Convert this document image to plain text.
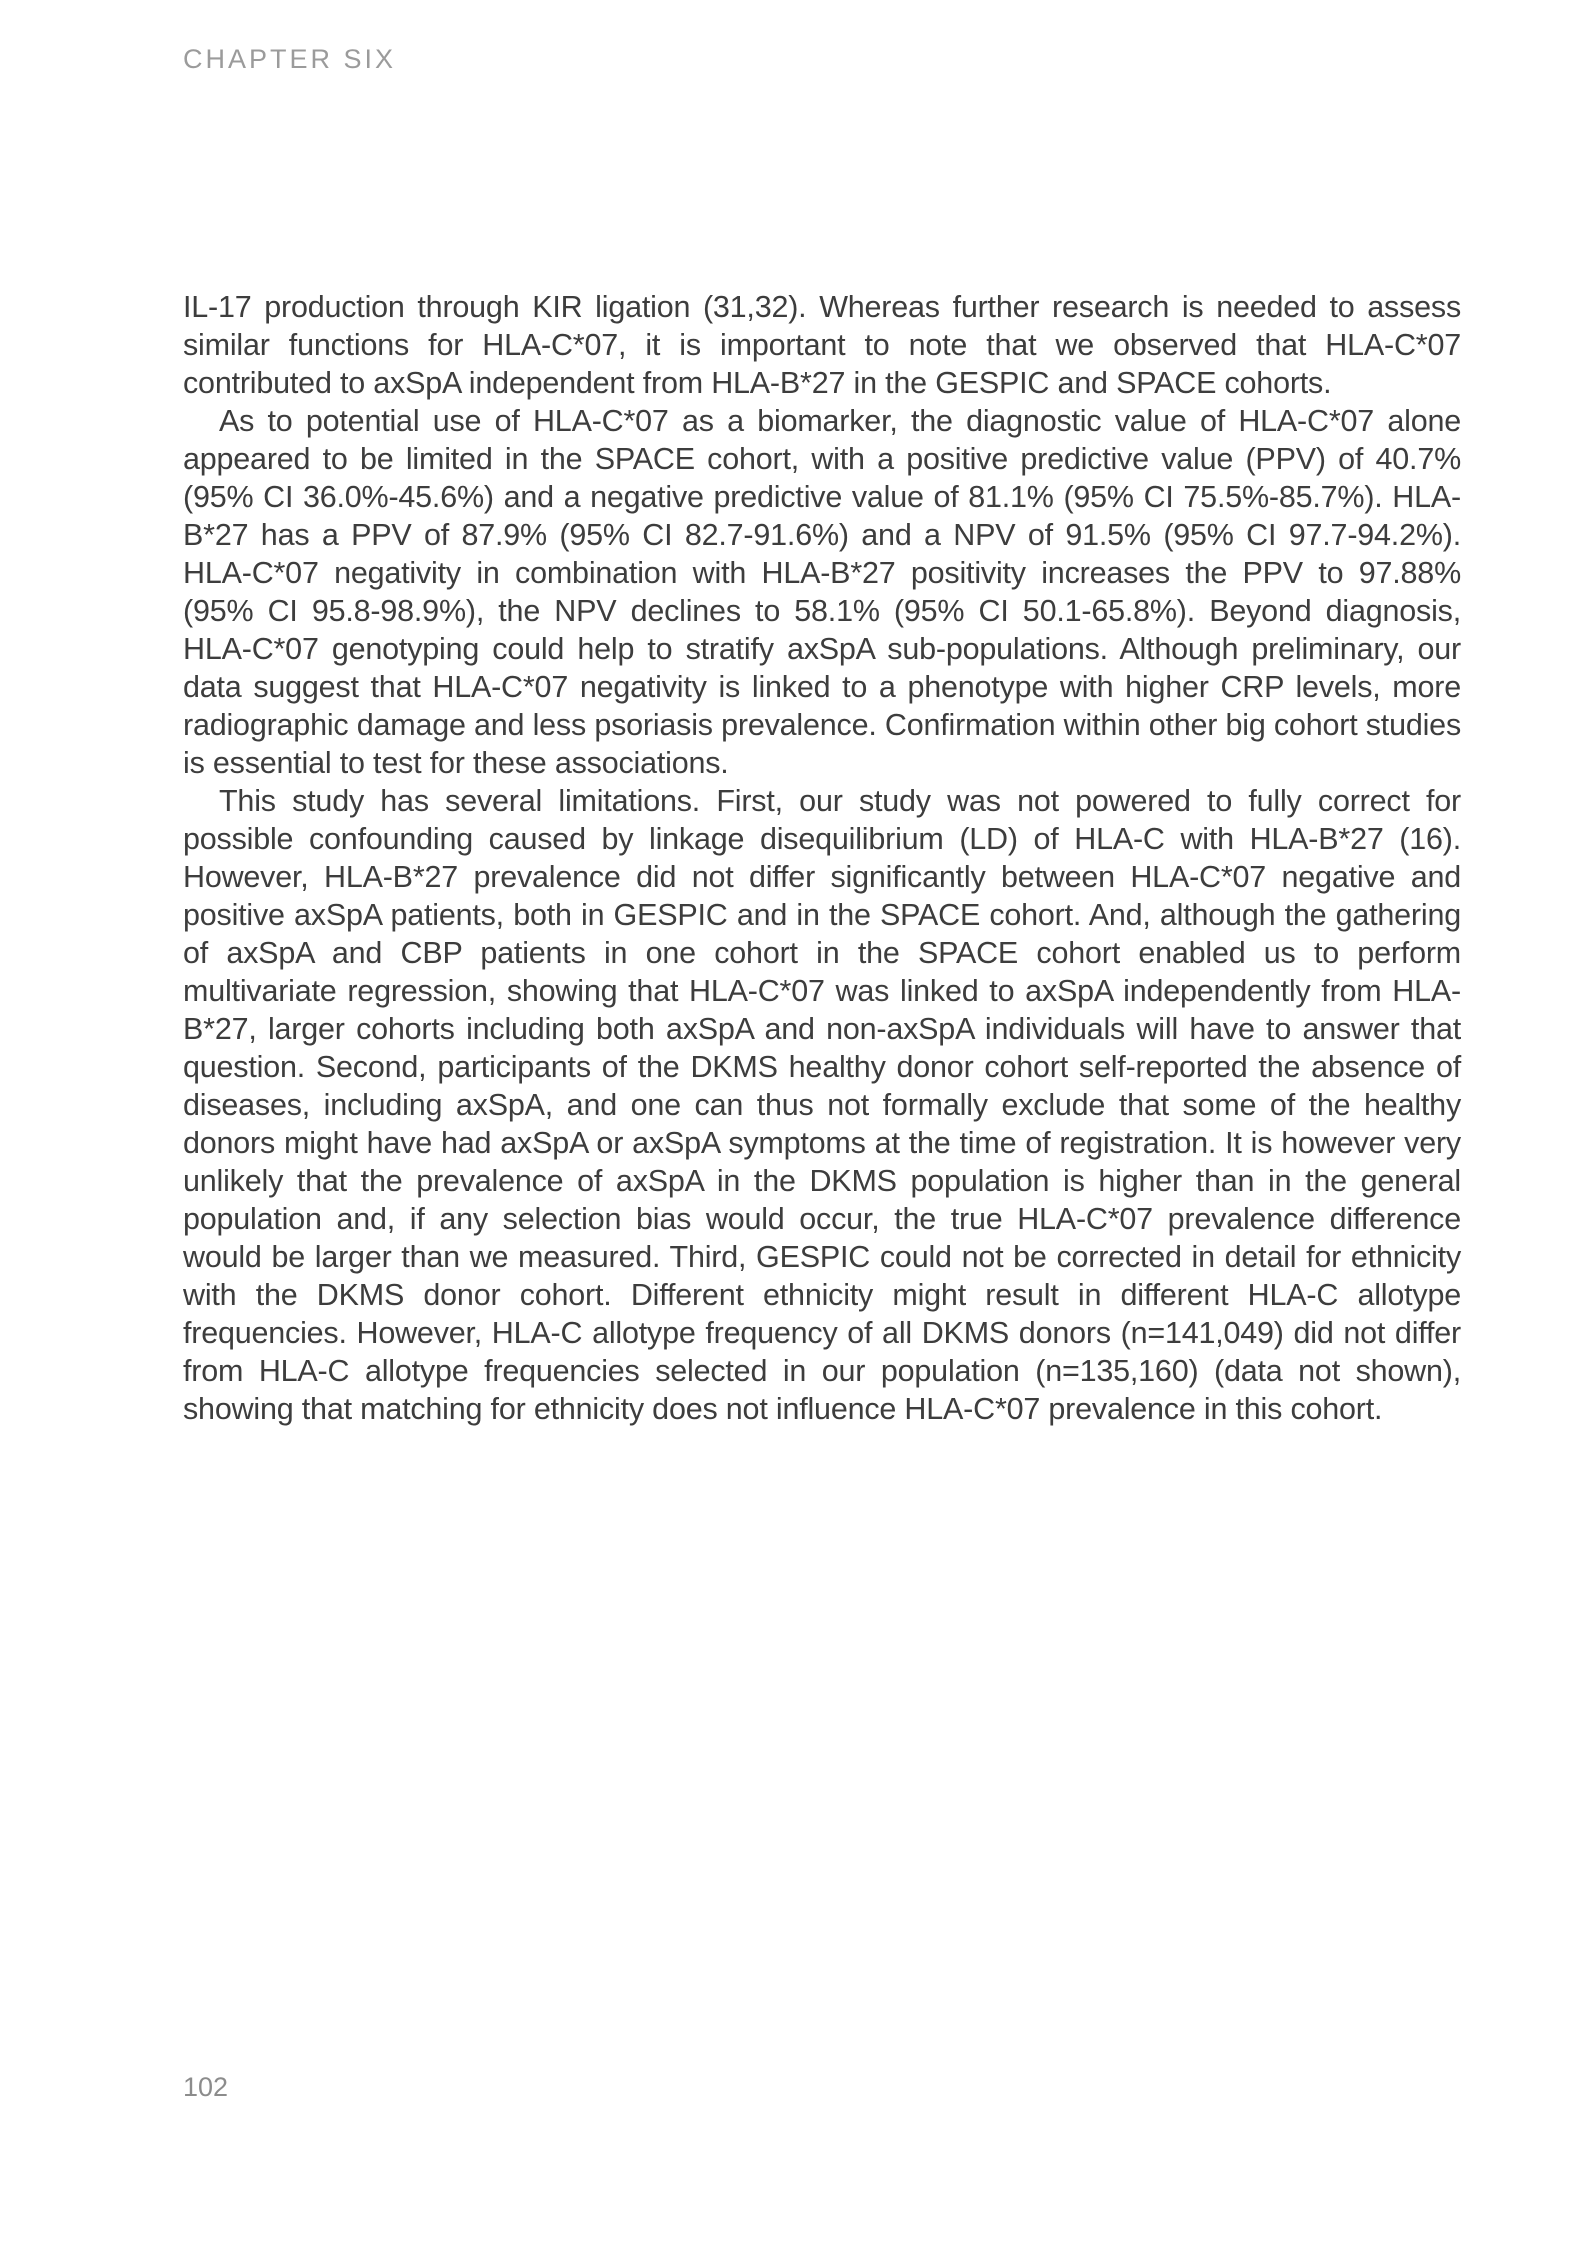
CHAPTER SIX

IL-17 production through KIR ligation (31,32). Whereas further research is needed to assess similar functions for HLA-C*07, it is important to note that we observed that HLA-C*07 contributed to axSpA independent from HLA-B*27 in the GESPIC and SPACE cohorts.

As to potential use of HLA-C*07 as a biomarker, the diagnostic value of HLA-C*07 alone appeared to be limited in the SPACE cohort, with a positive predictive value (PPV) of 40.7% (95% CI 36.0%-45.6%) and a negative predictive value of 81.1% (95% CI 75.5%-85.7%). HLA-B*27 has a PPV of 87.9% (95% CI 82.7-91.6%) and a NPV of 91.5% (95% CI 97.7-94.2%). HLA-C*07 negativity in combination with HLA-B*27 positivity increases the PPV to 97.88% (95% CI 95.8-98.9%), the NPV declines to 58.1% (95% CI 50.1-65.8%). Beyond diagnosis, HLA-C*07 genotyping could help to stratify axSpA sub-populations. Although preliminary, our data suggest that HLA-C*07 negativity is linked to a phenotype with higher CRP levels, more radiographic damage and less psoriasis prevalence. Confirmation within other big cohort studies is essential to test for these associations.

This study has several limitations. First, our study was not powered to fully correct for possible confounding caused by linkage disequilibrium (LD) of HLA-C with HLA-B*27 (16). However, HLA-B*27 prevalence did not differ significantly between HLA-C*07 negative and positive axSpA patients, both in GESPIC and in the SPACE cohort. And, although the gathering of axSpA and CBP patients in one cohort in the SPACE cohort enabled us to perform multivariate regression, showing that HLA-C*07 was linked to axSpA independently from HLA-B*27, larger cohorts including both axSpA and non-axSpA individuals will have to answer that question. Second, participants of the DKMS healthy donor cohort self-reported the absence of diseases, including axSpA, and one can thus not formally exclude that some of the healthy donors might have had axSpA or axSpA symptoms at the time of registration. It is however very unlikely that the prevalence of axSpA in the DKMS population is higher than in the general population and, if any selection bias would occur, the true HLA-C*07 prevalence difference would be larger than we measured. Third, GESPIC could not be corrected in detail for ethnicity with the DKMS donor cohort. Different ethnicity might result in different HLA-C allotype frequencies. However, HLA-C allotype frequency of all DKMS donors (n=141,049) did not differ from HLA-C allotype frequencies selected in our population (n=135,160) (data not shown), showing that matching for ethnicity does not influence HLA-C*07 prevalence in this cohort.

102
